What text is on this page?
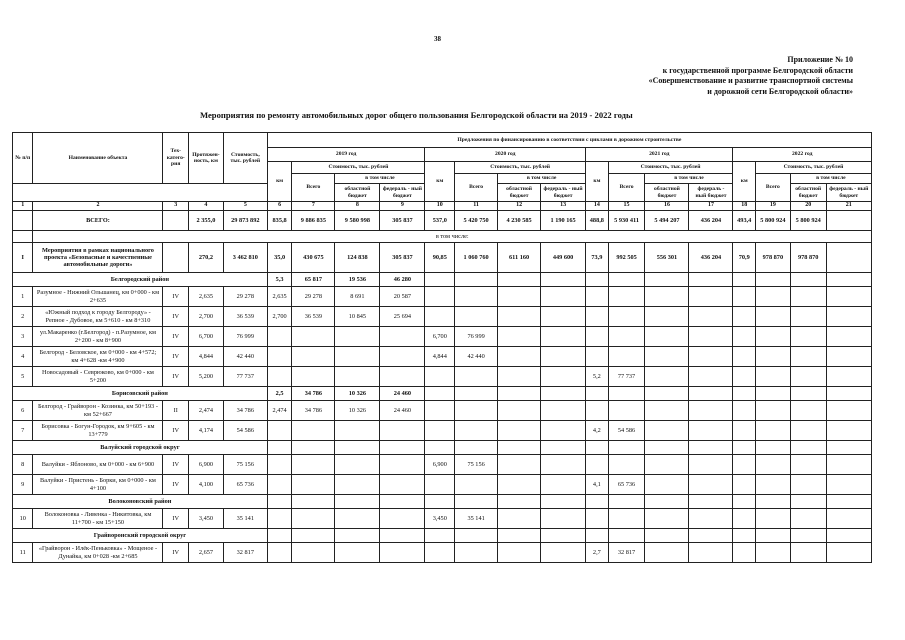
38
Приложение № 10
к государственной программе Белгородской области
«Совершенствование и развитие транспортной системы
и дорожной сети Белгородской области»
Мероприятия по ремонту автомобильных дорог общего пользования Белгородской области на 2019 - 2022 годы
№ п/п	Наименование объекта	Тех-катего-рия	Протяжен-ность, км	Стоимость, тыс. рублей	Предложения по финансированию в соответствии с циклами в дорожном строительстве															
					2019 год				2020 год				2021 год				2022 год			
					км	Стоимость, тыс. рублей			км	Стоимость, тыс. рублей			км	Стоимость, тыс. рублей			км	Стоимость, тыс. рублей		
						Всего	в том числе			Всего	в том числе			Всего	в том числе			Всего	в том числе	
							областной бюджет	федераль - ный бюджет			областной бюджет	федераль - ный бюджет			областной бюджет	федераль - ный бюджет			областной бюджет	федераль - ный бюджет
1	2	3	4	5	6	7	8	9	10	11	12	13	14	15	16	17	18	19	20	21
	ВСЕГО:		2 355,0	29 873 892	835,8	9 886 835	9 580 998	305 837	537,0	5 420 750	4 230 585	1 190 165	488,8	5 930 411	5 494 207	436 204	493,4	5 800 924	5 800 924	
	в том числе:																			
I	Мероприятия в рамках национального проекта «Безопасные и качественные автомобильные дороги»		270,2	3 462 810	35,0	430 675	124 838	305 837	90,85	1 060 760	611 160	449 600	73,9	992 505	556 301	436 204	70,9	978 870	978 870	
Белгородский район					5,3	65 817	19 536	46 280												
1	Разумное - Нижний Ольшанец, км 0+000 - км 2+635	IV	2,635	29 278	2,635	29 278	8 691	20 587												
2	«Южный подход к городу Белгороду» - Репное - Дубовое, км 5+610 - км 8+310	IV	2,700	36 539	2,700	36 539	10 845	25 694												
3	ул.Макаренко (г.Белгород) - п.Разумное, км 2+200 - км 8+900	IV	6,700	76 999					6,700	76 999										
4	Белгород - Беловское, км 0+000 - км 4+572; км 4+628 -км 4+900	IV	4,844	42 440					4,844	42 440										
5	Новосадовый - Севрюково, км 0+000 - км 5+200	IV	5,200	77 737									5,2	77 737						
Борисовский район					2,5	34 786	10 326	24 460												
6	Белгород - Грайворон - Козинка, км 50+193 - км 52+667	II	2,474	34 786	2,474	34 786	10 326	24 460												
7	Борисовка - Богун-Городок, км 9+605 - км 13+779	IV	4,174	54 586									4,2	54 586						
Валуйский городской округ																				
8	Валуйки - Яблоново, км 0+000 - км 6+900	IV	6,900	75 156					6,900	75 156										
9	Валуйки - Пристень - Борки, км 0+000 - км 4+100	IV	4,100	65 736									4,1	65 736						
Волоконовский район																				
10	Волоконовка - Ливенка - Никитовка, км 11+700 - км 15+150	IV	3,450	35 141					3,450	35 141										
Грайворонский городской округ																				
11	«Грайворон - Илёк-Пеньковка» - Мощеное - Дунайка, км 0+028 -км 2+685	IV	2,657	32 817									2,7	32 817						
